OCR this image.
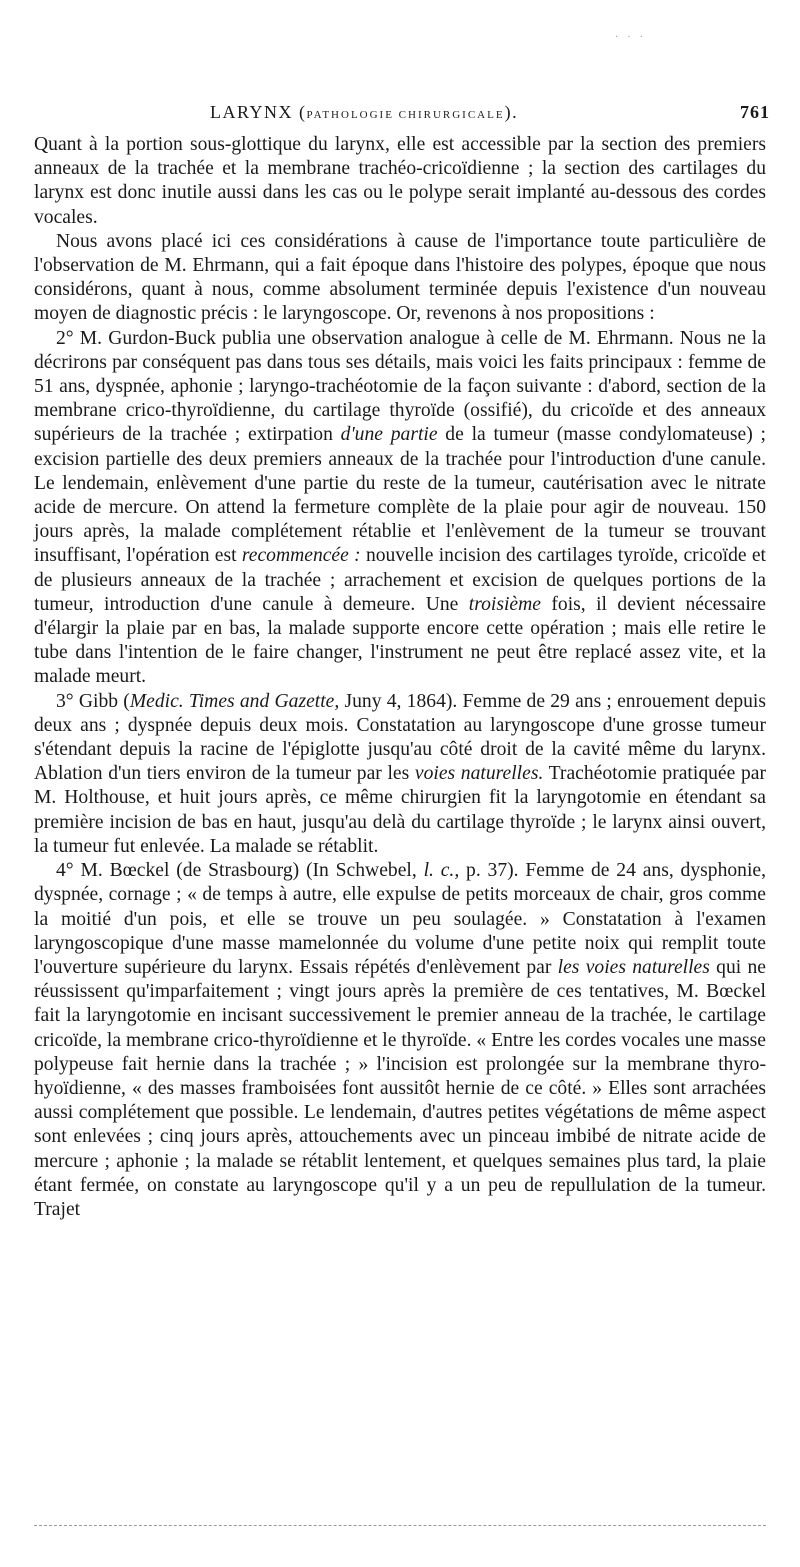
· · ·
LARYNX (PATHOLOGIE CHIRURGICALE).	761

Quant à la portion sous-glottique du larynx, elle est accessible par la section des premiers anneaux de la trachée et la membrane trachéo-cricoïdienne ; la section des cartilages du larynx est donc inutile aussi dans les cas ou le polype serait implanté au-dessous des cordes vocales.

Nous avons placé ici ces considérations à cause de l'importance toute particulière de l'observation de M. Ehrmann, qui a fait époque dans l'histoire des polypes, époque que nous considérons, quant à nous, comme absolument terminée depuis l'existence d'un nouveau moyen de diagnostic précis : le laryngoscope. Or, revenons à nos propositions :

2° M. Gurdon-Buck publia une observation analogue à celle de M. Ehrmann. Nous ne la décrirons par conséquent pas dans tous ses détails, mais voici les faits principaux : femme de 51 ans, dyspnée, aphonie ; laryngo-trachéotomie de la façon suivante : d'abord, section de la membrane crico-thyroïdienne, du cartilage thyroïde (ossifié), du cricoïde et des anneaux supérieurs de la trachée ; extirpation d'une partie de la tumeur (masse condylomateuse) ; excision partielle des deux premiers anneaux de la trachée pour l'introduction d'une canule. Le lendemain, enlèvement d'une partie du reste de la tumeur, cautérisation avec le nitrate acide de mercure. On attend la fermeture complète de la plaie pour agir de nouveau. 150 jours après, la malade complétement rétablie et l'enlèvement de la tumeur se trouvant insuffisant, l'opération est recommencée : nouvelle incision des cartilages tyroïde, cricoïde et de plusieurs anneaux de la trachée ; arrachement et excision de quelques portions de la tumeur, introduction d'une canule à demeure. Une troisième fois, il devient nécessaire d'élargir la plaie par en bas, la malade supporte encore cette opération ; mais elle retire le tube dans l'intention de le faire changer, l'instrument ne peut être replacé assez vite, et la malade meurt.

3° Gibb (Medic. Times and Gazette, Juny 4, 1864). Femme de 29 ans ; enrouement depuis deux ans ; dyspnée depuis deux mois. Constatation au laryngoscope d'une grosse tumeur s'étendant depuis la racine de l'épiglotte jusqu'au côté droit de la cavité même du larynx. Ablation d'un tiers environ de la tumeur par les voies naturelles. Trachéotomie pratiquée par M. Holthouse, et huit jours après, ce même chirurgien fit la laryngotomie en étendant sa première incision de bas en haut, jusqu'au delà du cartilage thyroïde ; le larynx ainsi ouvert, la tumeur fut enlevée. La malade se rétablit.

4° M. Bœckel (de Strasbourg) (In Schwebel, l. c., p. 37). Femme de 24 ans, dysphonie, dyspnée, cornage ; « de temps à autre, elle expulse de petits morceaux de chair, gros comme la moitié d'un pois, et elle se trouve un peu soulagée. » Constatation à l'examen laryngoscopique d'une masse mamelonnée du volume d'une petite noix qui remplit toute l'ouverture supérieure du larynx. Essais répétés d'enlèvement par les voies naturelles qui ne réussissent qu'imparfaitement ; vingt jours après la première de ces tentatives, M. Bœckel fait la laryngotomie en incisant successivement le premier anneau de la trachée, le cartilage cricoïde, la membrane crico-thyroïdienne et le thyroïde. « Entre les cordes vocales une masse polypeuse fait hernie dans la trachée ; » l'incision est prolongée sur la membrane thyro-hyoïdienne, « des masses framboisées font aussitôt hernie de ce côté. » Elles sont arrachées aussi complétement que possible. Le lendemain, d'autres petites végétations de même aspect sont enlevées ; cinq jours après, attouchements avec un pinceau imbibé de nitrate acide de mercure ; aphonie ; la malade se rétablit lentement, et quelques semaines plus tard, la plaie étant fermée, on constate au laryngoscope qu'il y a un peu de repullulation de la tumeur. Trajet
